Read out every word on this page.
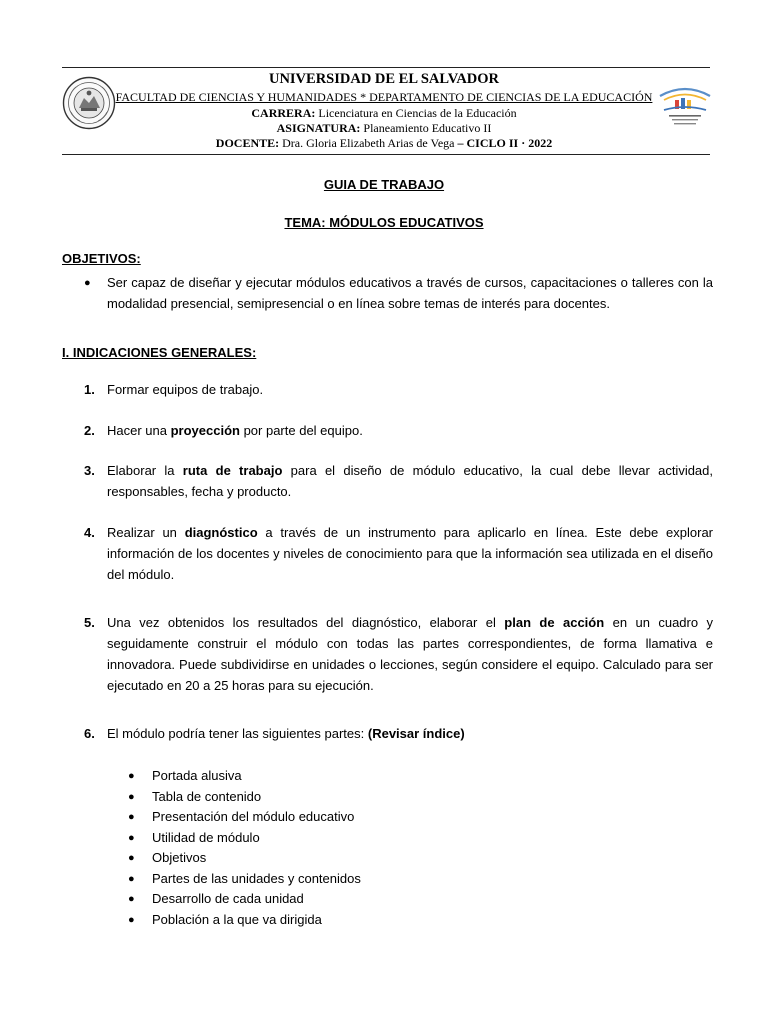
UNIVERSIDAD DE EL SALVADOR
FACULTAD DE CIENCIAS Y HUMANIDADES * DEPARTAMENTO DE CIENCIAS DE LA EDUCACIÓN
CARRERA: Licenciatura en Ciencias de la Educación
ASIGNATURA: Planeamiento Educativo II
DOCENTE: Dra. Gloria Elizabeth Arias de Vega – CICLO II · 2022
GUIA DE TRABAJO
TEMA: MÓDULOS EDUCATIVOS
OBJETIVOS:
● Ser capaz de diseñar y ejecutar módulos educativos a través de cursos, capacitaciones o talleres con la modalidad presencial, semipresencial o en línea sobre temas de interés para docentes.
I. INDICACIONES GENERALES:
1. Formar equipos de trabajo.
2. Hacer una proyección por parte del equipo.
3. Elaborar la ruta de trabajo para el diseño de módulo educativo, la cual debe llevar actividad, responsables, fecha y producto.
4. Realizar un diagnóstico a través de un instrumento para aplicarlo en línea. Este debe explorar información de los docentes y niveles de conocimiento para que la información sea utilizada en el diseño del módulo.
5. Una vez obtenidos los resultados del diagnóstico, elaborar el plan de acción en un cuadro y seguidamente construir el módulo con todas las partes correspondientes, de forma llamativa e innovadora. Puede subdividirse en unidades o lecciones, según considere el equipo. Calculado para ser ejecutado en 20 a 25 horas para su ejecución.
6. El módulo podría tener las siguientes partes: (Revisar índice)
● Portada alusiva
● Tabla de contenido
● Presentación del módulo educativo
● Utilidad de módulo
● Objetivos
● Partes de las unidades y contenidos
● Desarrollo de cada unidad
● Población a la que va dirigida
